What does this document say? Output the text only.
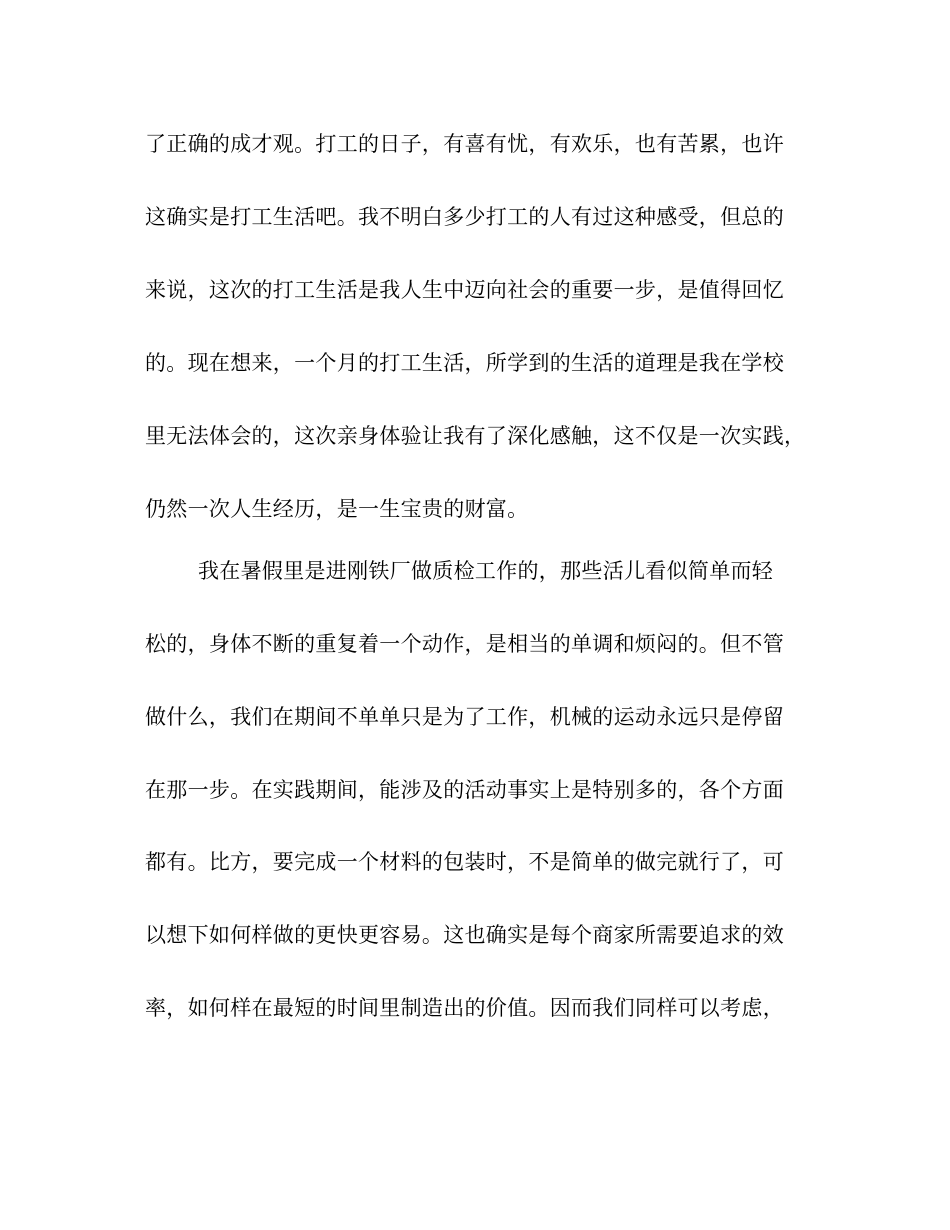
了正确的成才观。打工的日子，有喜有忧，有欢乐，也有苦累，也许
这确实是打工生活吧。我不明白多少打工的人有过这种感受，但总的
来说，这次的打工生活是我人生中迈向社会的重要一步，是值得回忆
的。现在想来，一个月的打工生活，所学到的生活的道理是我在学校
里无法体会的，这次亲身体验让我有了深化感触，这不仅是一次实践，
仍然一次人生经历，是一生宝贵的财富。
我在暑假里是进刚铁厂做质检工作的，那些活儿看似简单而轻
松的，身体不断的重复着一个动作，是相当的单调和烦闷的。但不管
做什么，我们在期间不单单只是为了工作，机械的运动永远只是停留
在那一步。在实践期间，能涉及的活动事实上是特别多的，各个方面
都有。比方，要完成一个材料的包装时，不是简单的做完就行了，可
以想下如何样做的更快更容易。这也确实是每个商家所需要追求的效
率，如何样在最短的时间里制造出的价值。因而我们同样可以考虑，
